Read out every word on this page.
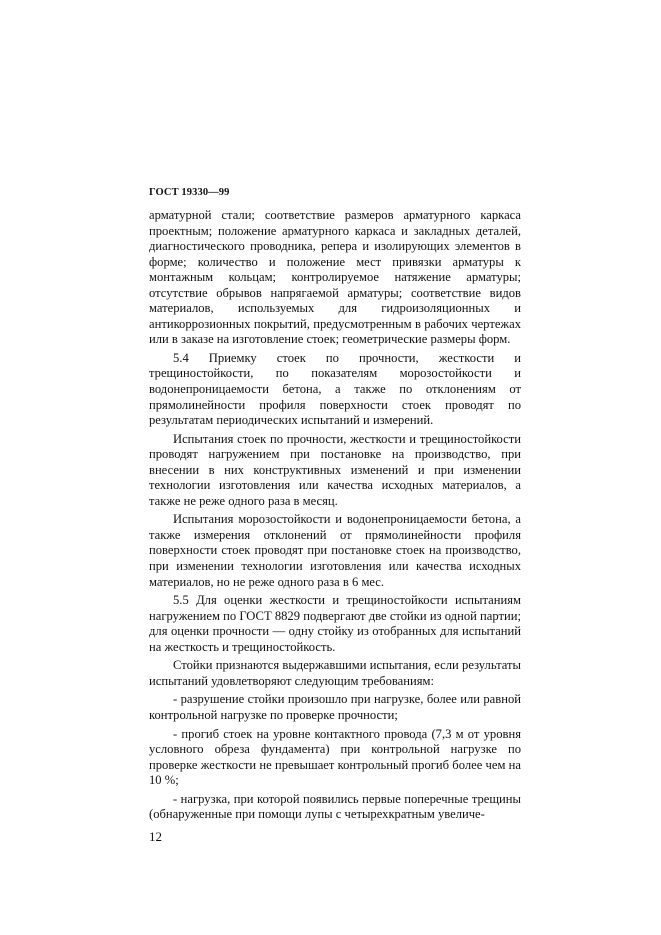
ГОСТ 19330—99

арматурной стали; соответствие размеров арматурного каркаса проектным; положение арматурного каркаса и закладных деталей, диагностического проводника, репера и изолирующих элементов в форме; количество и положение мест привязки арматуры к монтажным кольцам; контролируемое натяжение арматуры; отсутствие обрывов напрягаемой арматуры; соответствие видов материалов, используемых для гидроизоляционных и антикоррозионных покрытий, предусмотренным в рабочих чертежах или в заказе на изготовление стоек; геометрические размеры форм.

5.4 Приемку стоек по прочности, жесткости и трещиностойкости, по показателям морозостойкости и водонепроницаемости бетона, а также по отклонениям от прямолинейности профиля поверхности стоек проводят по результатам периодических испытаний и измерений.

Испытания стоек по прочности, жесткости и трещиностойкости проводят нагружением при постановке на производство, при внесении в них конструктивных изменений и при изменении технологии изготовления или качества исходных материалов, а также не реже одного раза в месяц.

Испытания морозостойкости и водонепроницаемости бетона, а также измерения отклонений от прямолинейности профиля поверхности стоек проводят при постановке стоек на производство, при изменении технологии изготовления или качества исходных материалов, но не реже одного раза в 6 мес.

5.5 Для оценки жесткости и трещиностойкости испытаниям нагружением по ГОСТ 8829 подвергают две стойки из одной партии; для оценки прочности — одну стойку из отобранных для испытаний на жесткость и трещиностойкость.

Стойки признаются выдержавшими испытания, если результаты испытаний удовлетворяют следующим требованиям:

- разрушение стойки произошло при нагрузке, более или равной контрольной нагрузке по проверке прочности;

- прогиб стоек на уровне контактного провода (7,3 м от уровня условного обреза фундамента) при контрольной нагрузке по проверке жесткости не превышает контрольный прогиб более чем на 10 %;

- нагрузка, при которой появились первые поперечные трещины (обнаруженные при помощи лупы с четырехкратным увеличе-

12
